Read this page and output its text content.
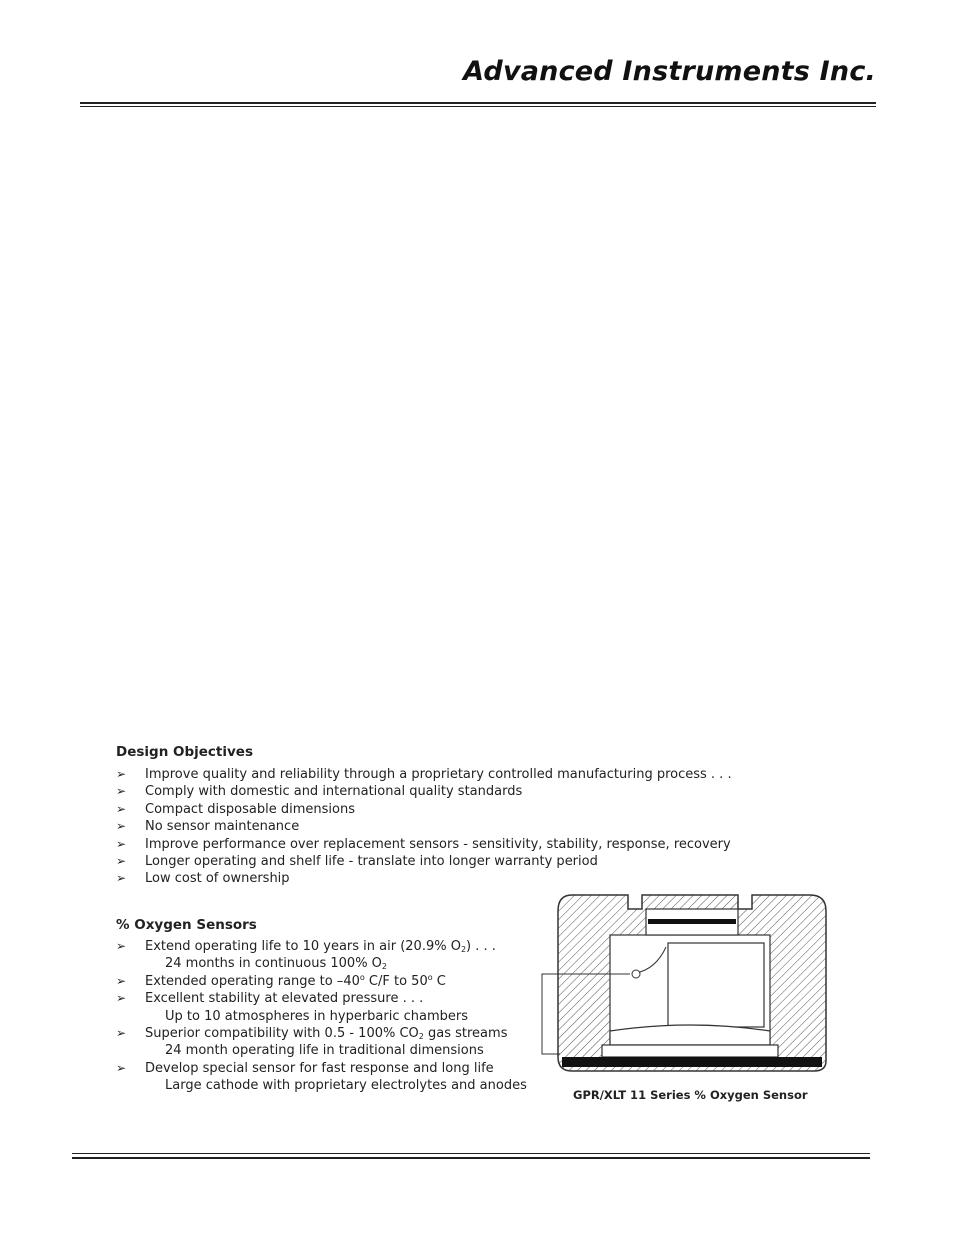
Advanced Instruments Inc.
Design Objectives
➢ Improve quality and reliability through a proprietary controlled manufacturing process . . .
➢ Comply with domestic and international quality standards
➢ Compact disposable dimensions
➢ No sensor maintenance
➢ Improve performance over replacement sensors - sensitivity, stability, response, recovery
➢ Longer operating and shelf life - translate into longer warranty period
➢ Low cost of ownership
% Oxygen Sensors
➢ Extend operating life to 10 years in air (20.9% $O_2$) . . .
24 months in continuous 100% $O_2$
➢ Extended operating range to –40$^o$ C/F to 50$^o$ C
➢ Excellent stability at elevated pressure . . .
Up to 10 atmospheres in hyperbaric chambers
➢ Superior compatibility with 0.5 - 100% $CO_2$ gas streams
24 month operating life in traditional dimensions
➢ Develop special sensor for fast response and long life
Large cathode with proprietary electrolytes and anodes
GPR/XLT 11 Series % Oxygen Sensor
